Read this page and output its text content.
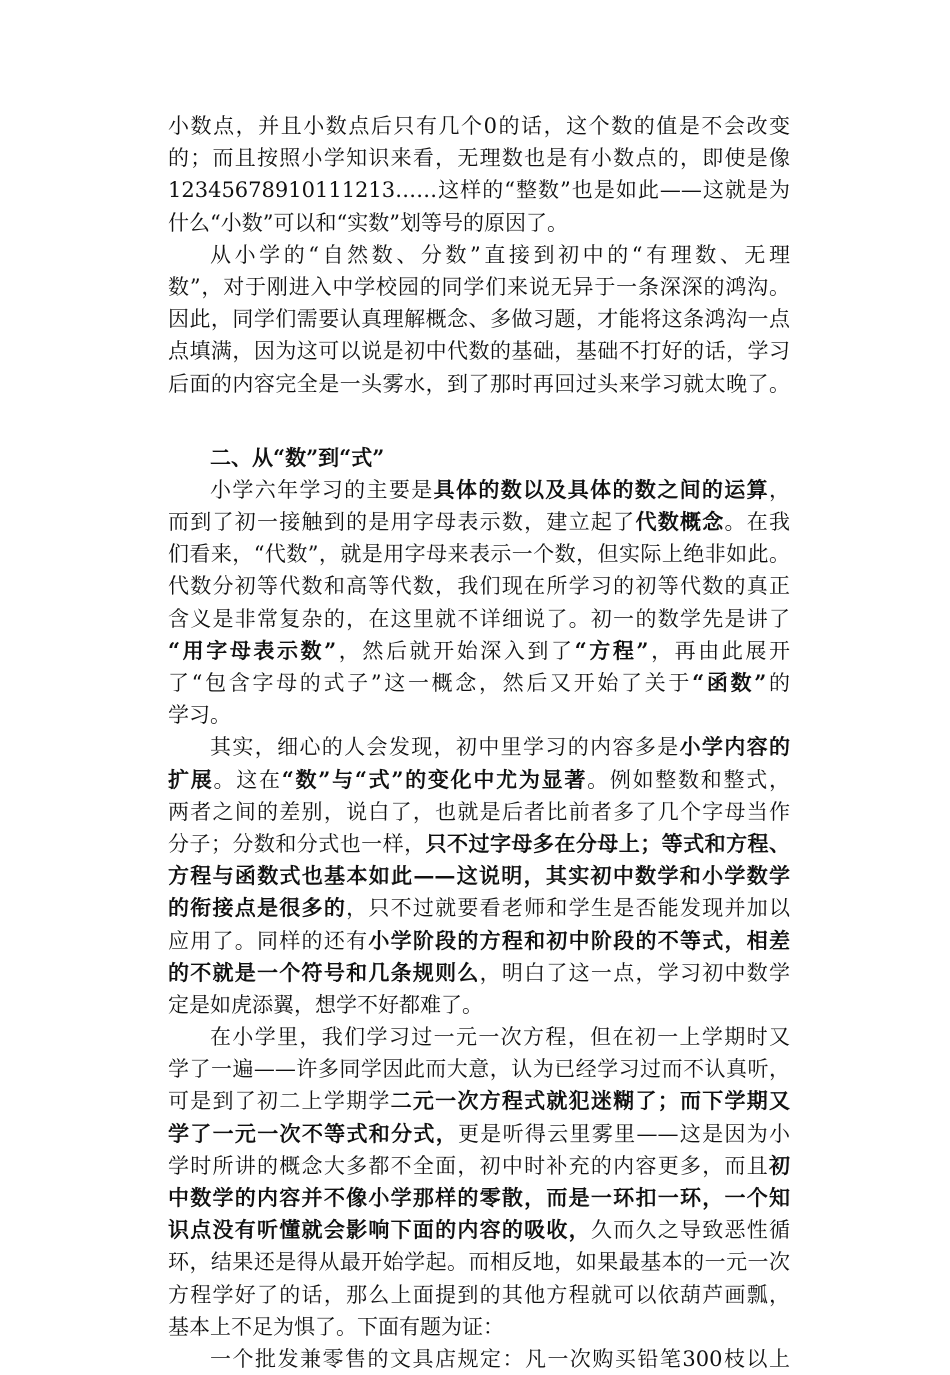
小数点，并且小数点后只有几个0的话，这个数的值是不会改变
的；而且按照小学知识来看，无理数也是有小数点的，即使是像
12345678910111213……这样的“整数”也是如此——这就是为
什么“小数”可以和“实数”划等号的原因了。
从小学的“自然数、分数”直接到初中的“有理数、无理
数”，对于刚进入中学校园的同学们来说无异于一条深深的鸿沟。
因此，同学们需要认真理解概念、多做习题，才能将这条鸿沟一点
点填满，因为这可以说是初中代数的基础，基础不打好的话，学习
后面的内容完全是一头雾水，到了那时再回过头来学习就太晚了。
二、从“数”到“式”
小学六年学习的主要是具体的数以及具体的数之间的运算，
而到了初一接触到的是用字母表示数，建立起了代数概念。在我
们看来，“代数”，就是用字母来表示一个数，但实际上绝非如此。
代数分初等代数和高等代数，我们现在所学习的初等代数的真正
含义是非常复杂的，在这里就不详细说了。初一的数学先是讲了
“用字母表示数”，然后就开始深入到了“方程”，再由此展开
了“包含字母的式子”这一概念，然后又开始了关于“函数”的
学习。
其实，细心的人会发现，初中里学习的内容多是小学内容的
扩展。这在“数”与“式”的变化中尤为显著。例如整数和整式，
两者之间的差别，说白了，也就是后者比前者多了几个字母当作
分子；分数和分式也一样，只不过字母多在分母上；等式和方程、
方程与函数式也基本如此——这说明，其实初中数学和小学数学
的衔接点是很多的，只不过就要看老师和学生是否能发现并加以
应用了。同样的还有小学阶段的方程和初中阶段的不等式，相差
的不就是一个符号和几条规则么，明白了这一点，学习初中数学
定是如虎添翼，想学不好都难了。
在小学里，我们学习过一元一次方程，但在初一上学期时又
学了一遍——许多同学因此而大意，认为已经学习过而不认真听，
可是到了初二上学期学二元一次方程式就犯迷糊了；而下学期又
学了一元一次不等式和分式，更是听得云里雾里——这是因为小
学时所讲的概念大多都不全面，初中时补充的内容更多，而且初
中数学的内容并不像小学那样的零散，而是一环扣一环，一个知
识点没有听懂就会影响下面的内容的吸收，久而久之导致恶性循
环，结果还是得从最开始学起。而相反地，如果最基本的一元一次
方程学好了的话，那么上面提到的其他方程就可以依葫芦画瓢，
基本上不足为惧了。下面有题为证：
一个批发兼零售的文具店规定：凡一次购买铅笔300枝以上
